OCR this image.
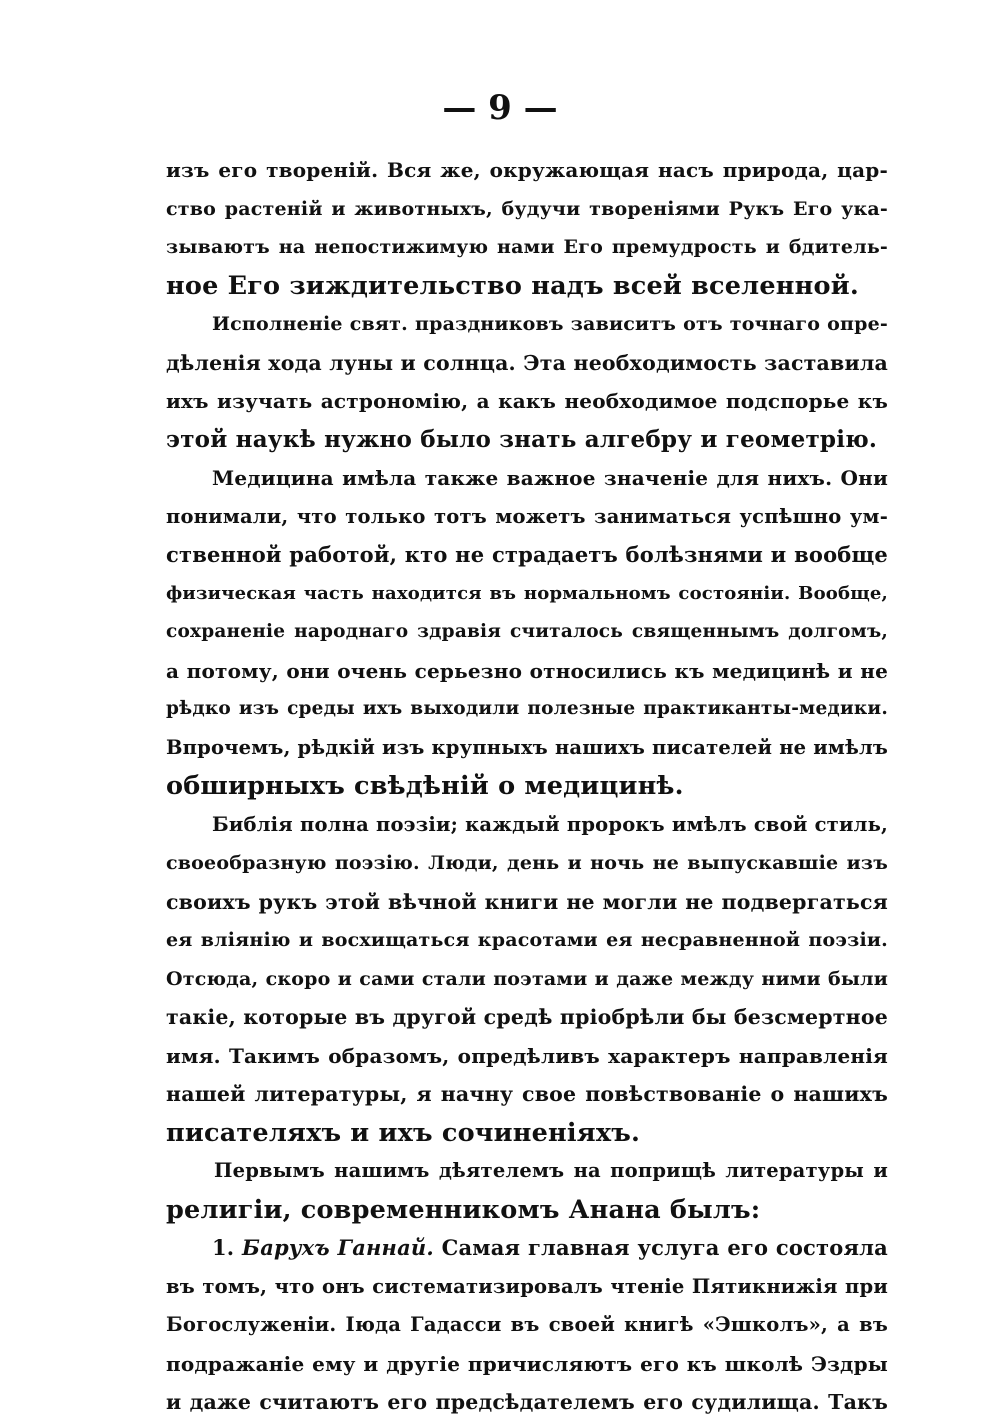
— 9 —
изъ его твореній. Вся же, окружающая насъ природа, цар-
ство растеній и животныхъ, будучи твореніями Рукъ Его ука-
зываютъ на непостижимую нами Его премудрость и бдитель-
ное Его зиждительство надъ всей вселенной.
Исполненіе свят. праздниковъ зависитъ отъ точнаго опре-
дѣленія хода луны и солнца. Эта необходимость заставила
ихъ изучать астрономію, а какъ необходимое подспорье къ
этой наукѣ нужно было знать алгебру и геометрію.
Медицина имѣла также важное значеніе для нихъ. Они
понимали, что только тотъ можетъ заниматься успѣшно ум-
ственной работой, кто не страдаетъ болѣзнями и вообще
физическая часть находится въ нормальномъ состояніи. Вообще,
сохраненіе народнаго здравія считалось священнымъ долгомъ,
а потому, они очень серьезно относились къ медицинѣ и не
рѣдко изъ среды ихъ выходили полезные практиканты-медики.
Впрочемъ, рѣдкій изъ крупныхъ нашихъ писателей не имѣлъ
обширныхъ свѣдѣній о медицинѣ.
Библія полна поэзіи; каждый пророкъ имѣлъ свой стиль,
своеобразную поэзію. Люди, день и ночь не выпускавшіе изъ
своихъ рукъ этой вѣчной книги не могли не подвергаться
ея вліянію и восхищаться красотами ея несравненной поэзіи.
Отсюда, скоро и сами стали поэтами и даже между ними были
такіе, которые въ другой средѣ пріобрѣли бы безсмертное
имя. Такимъ образомъ, опредѣливъ характеръ направленія
нашей литературы, я начну свое повѣствованіе о нашихъ
писателяхъ и ихъ сочиненіяхъ.
Первымъ нашимъ дѣятелемъ на поприщѣ литературы и
религіи, современникомъ Анана былъ:
1. Барухъ Ганнай. Самая главная услуга его состояла
въ томъ, что онъ систематизировалъ чтеніе Пятикнижія при
Богослуженіи. Іюда Гадасси въ своей книгѣ «Эшколъ», а въ
подражаніе ему и другіе причисляютъ его къ школѣ Эздры
и даже считаютъ его предсѣдателемъ его судилища. Такъ
